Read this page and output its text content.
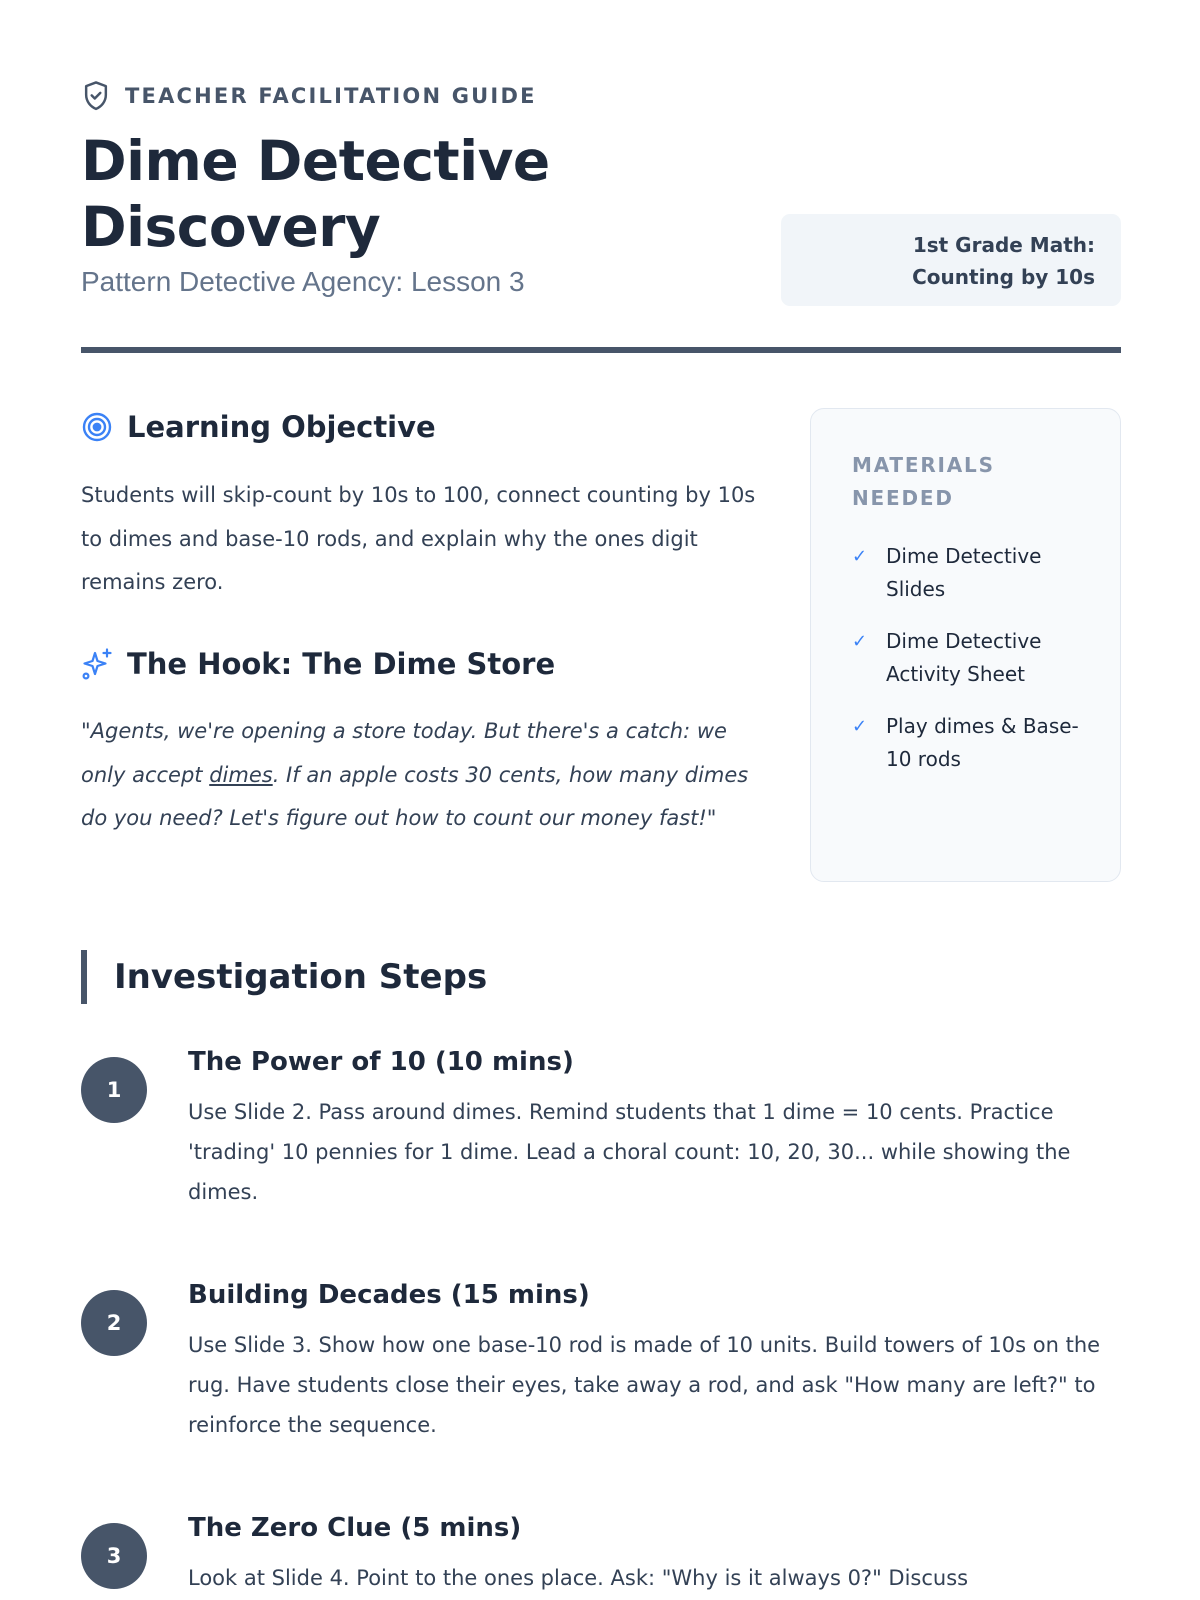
TEACHER FACILITATION GUIDE
Dime Detective Discovery
Pattern Detective Agency: Lesson 3
1st Grade Math: Counting by 10s
Learning Objective
Students will skip-count by 10s to 100, connect counting by 10s to dimes and base-10 rods, and explain why the ones digit remains zero.
The Hook: The Dime Store
"Agents, we're opening a store today. But there's a catch: we only accept dimes. If an apple costs 30 cents, how many dimes do you need? Let's figure out how to count our money fast!"
MATERIALS NEEDED
✓ Dime Detective Slides
✓ Dime Detective Activity Sheet
✓ Play dimes & Base-10 rods
Investigation Steps
1
The Power of 10 (10 mins)

Use Slide 2. Pass around dimes. Remind students that 1 dime = 10 cents. Practice 'trading' 10 pennies for 1 dime. Lead a choral count: 10, 20, 30... while showing the dimes.

2
Building Decades (15 mins)

Use Slide 3. Show how one base-10 rod is made of 10 units. Build towers of 10s on the rug. Have students close their eyes, take away a rod, and ask "How many are left?" to reinforce the sequence.

3
The Zero Clue (5 mins)

Look at Slide 4. Point to the ones place. Ask: "Why is it always 0?" Discuss
